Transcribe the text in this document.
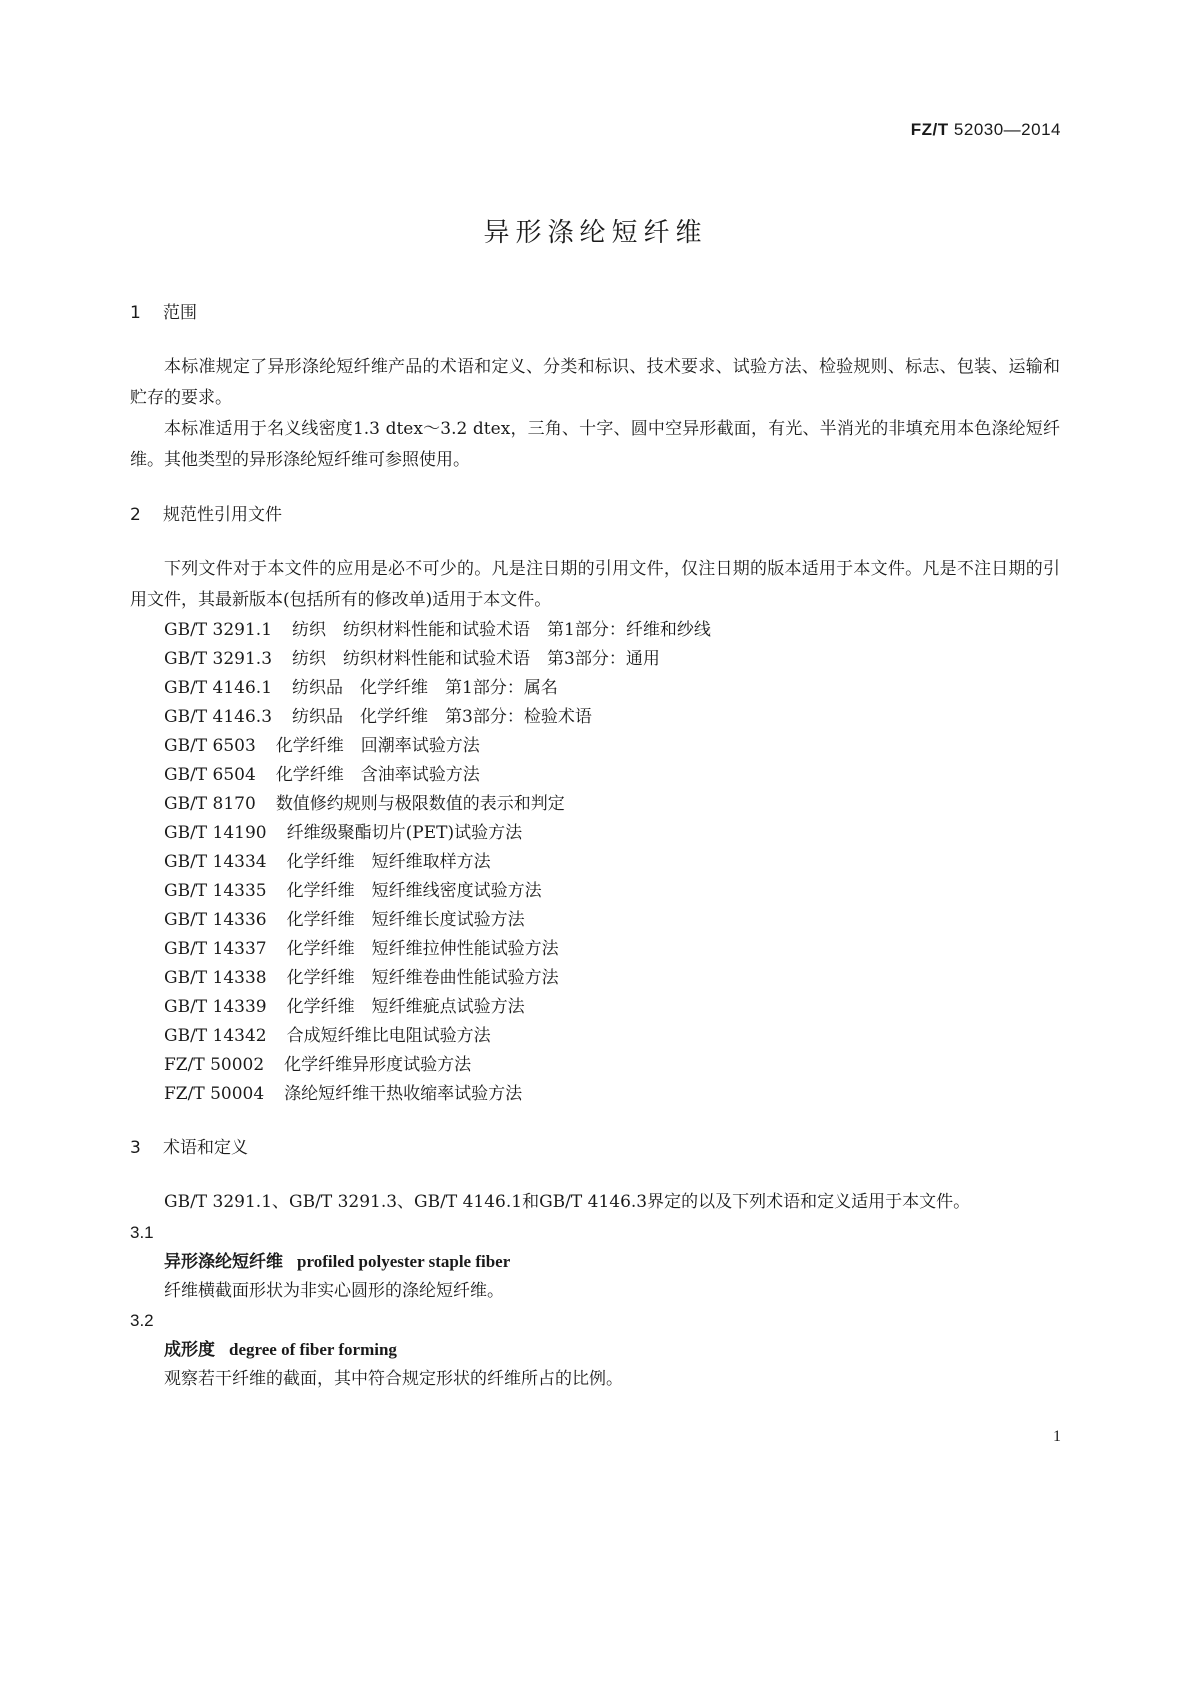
FZ/T 52030—2014
异形涤纶短纤维
1 范围

本标准规定了异形涤纶短纤维产品的术语和定义、分类和标识、技术要求、试验方法、检验规则、标志、包装、运输和贮存的要求。

本标准适用于名义线密度1.3 dtex～3.2 dtex，三角、十字、圆中空异形截面，有光、半消光的非填充用本色涤纶短纤维。其他类型的异形涤纶短纤维可参照使用。

2 规范性引用文件

下列文件对于本文件的应用是必不可少的。凡是注日期的引用文件，仅注日期的版本适用于本文件。凡是不注日期的引用文件，其最新版本(包括所有的修改单)适用于本文件。

GB/T 3291.1 纺织　纺织材料性能和试验术语　第1部分：纤维和纱线
GB/T 3291.3 纺织　纺织材料性能和试验术语　第3部分：通用
GB/T 4146.1 纺织品　化学纤维　第1部分：属名
GB/T 4146.3 纺织品　化学纤维　第3部分：检验术语
GB/T 6503 化学纤维　回潮率试验方法
GB/T 6504 化学纤维　含油率试验方法
GB/T 8170 数值修约规则与极限数值的表示和判定
GB/T 14190 纤维级聚酯切片(PET)试验方法
GB/T 14334 化学纤维　短纤维取样方法
GB/T 14335 化学纤维　短纤维线密度试验方法
GB/T 14336 化学纤维　短纤维长度试验方法
GB/T 14337 化学纤维　短纤维拉伸性能试验方法
GB/T 14338 化学纤维　短纤维卷曲性能试验方法
GB/T 14339 化学纤维　短纤维疵点试验方法
GB/T 14342 合成短纤维比电阻试验方法
FZ/T 50002 化学纤维异形度试验方法
FZ/T 50004 涤纶短纤维干热收缩率试验方法
3 术语和定义

GB/T 3291.1、GB/T 3291.3、GB/T 4146.1和GB/T 4146.3界定的以及下列术语和定义适用于本文件。

3.1
异形涤纶短纤维 profiled polyester staple fiber
纤维横截面形状为非实心圆形的涤纶短纤维。
3.2
成形度 degree of fiber forming
观察若干纤维的截面，其中符合规定形状的纤维所占的比例。
1
